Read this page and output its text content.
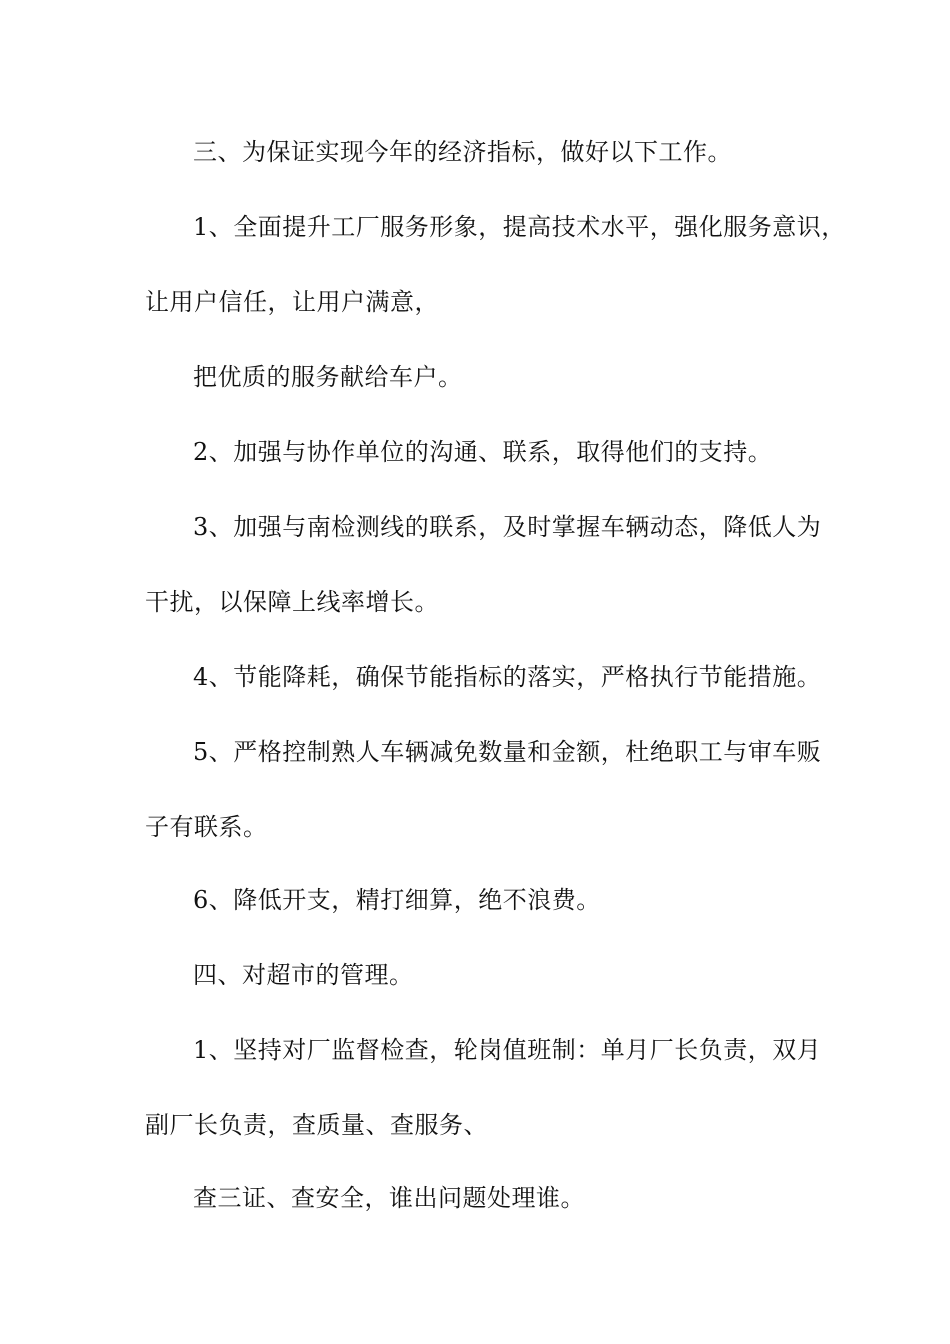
三、为保证实现今年的经济指标，做好以下工作。
1、全面提升工厂服务形象，提高技术水平，强化服务意识，
让用户信任，让用户满意，
把优质的服务献给车户。
2、加强与协作单位的沟通、联系，取得他们的支持。
3、加强与南检测线的联系，及时掌握车辆动态，降低人为
干扰，以保障上线率增长。
4、节能降耗，确保节能指标的落实，严格执行节能措施。
5、严格控制熟人车辆减免数量和金额，杜绝职工与审车贩
子有联系。
6、降低开支，精打细算，绝不浪费。
四、对超市的管理。
1、坚持对厂监督检查，轮岗值班制：单月厂长负责，双月
副厂长负责，查质量、查服务、
查三证、查安全，谁出问题处理谁。
